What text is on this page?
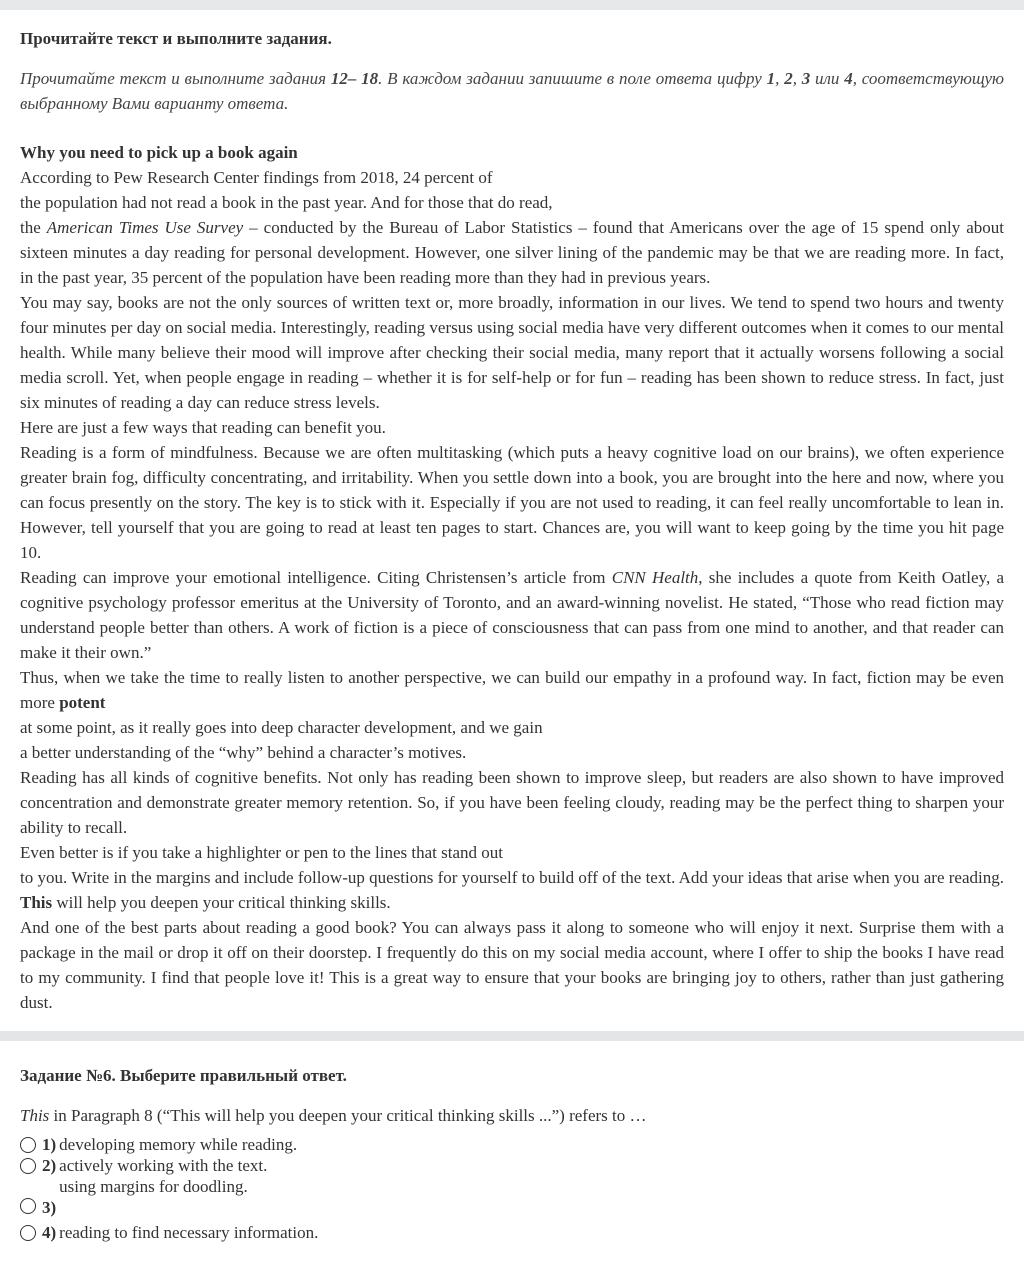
Прочитайте текст и выполните задания.
Прочитайте текст и выполните задания 12– 18. В каждом задании запишите в поле ответа цифру 1, 2, 3 или 4, соответствующую выбранному Вами варианту ответа.
Why you need to pick up a book again
According to Pew Research Center findings from 2018, 24 percent of
the population had not read a book in the past year. And for those that do read,
the American Times Use Survey – conducted by the Bureau of Labor Statistics – found that Americans over the age of 15 spend only about sixteen minutes a day reading for personal development. However, one silver lining of the pandemic may be that we are reading more. In fact, in the past year, 35 percent of the population have been reading more than they had in previous years.
You may say, books are not the only sources of written text or, more broadly, information in our lives. We tend to spend two hours and twenty four minutes per day on social media. Interestingly, reading versus using social media have very different outcomes when it comes to our mental health. While many believe their mood will improve after checking their social media, many report that it actually worsens following a social media scroll. Yet, when people engage in reading – whether it is for self-help or for fun – reading has been shown to reduce stress. In fact, just six minutes of reading a day can reduce stress levels.
Here are just a few ways that reading can benefit you.
Reading is a form of mindfulness. Because we are often multitasking (which puts a heavy cognitive load on our brains), we often experience greater brain fog, difficulty concentrating, and irritability. When you settle down into a book, you are brought into the here and now, where you can focus presently on the story. The key is to stick with it. Especially if you are not used to reading, it can feel really uncomfortable to lean in. However, tell yourself that you are going to read at least ten pages to start. Chances are, you will want to keep going by the time you hit page 10.
Reading can improve your emotional intelligence. Citing Christensen’s article from CNN Health, she includes a quote from Keith Oatley, a cognitive psychology professor emeritus at the University of Toronto, and an award-winning novelist. He stated, “Those who read fiction may understand people better than others. A work of fiction is a piece of consciousness that can pass from one mind to another, and that reader can make it their own.”
Thus, when we take the time to really listen to another perspective, we can build our empathy in a profound way. In fact, fiction may be even more potent
at some point, as it really goes into deep character development, and we gain
a better understanding of the “why” behind a character’s motives.
Reading has all kinds of cognitive benefits. Not only has reading been shown to improve sleep, but readers are also shown to have improved concentration and demonstrate greater memory retention. So, if you have been feeling cloudy, reading may be the perfect thing to sharpen your ability to recall.
Even better is if you take a highlighter or pen to the lines that stand out
to you. Write in the margins and include follow-up questions for yourself to build off of the text. Add your ideas that arise when you are reading. This will help you deepen your critical thinking skills.
And one of the best parts about reading a good book? You can always pass it along to someone who will enjoy it next. Surprise them with a package in the mail or drop it off on their doorstep. I frequently do this on my social media account, where I offer to ship the books I have read to my community. I find that people love it! This is a great way to ensure that your books are bringing joy to others, rather than just gathering dust.
Задание №6. Выберите правильный ответ.
This in Paragraph 8 (“This will help you deepen your critical thinking skills ...”) refers to …
1) developing memory while reading.
2) actively working with the text.
3)
using margins for doodling.
4) reading to find necessary information.
